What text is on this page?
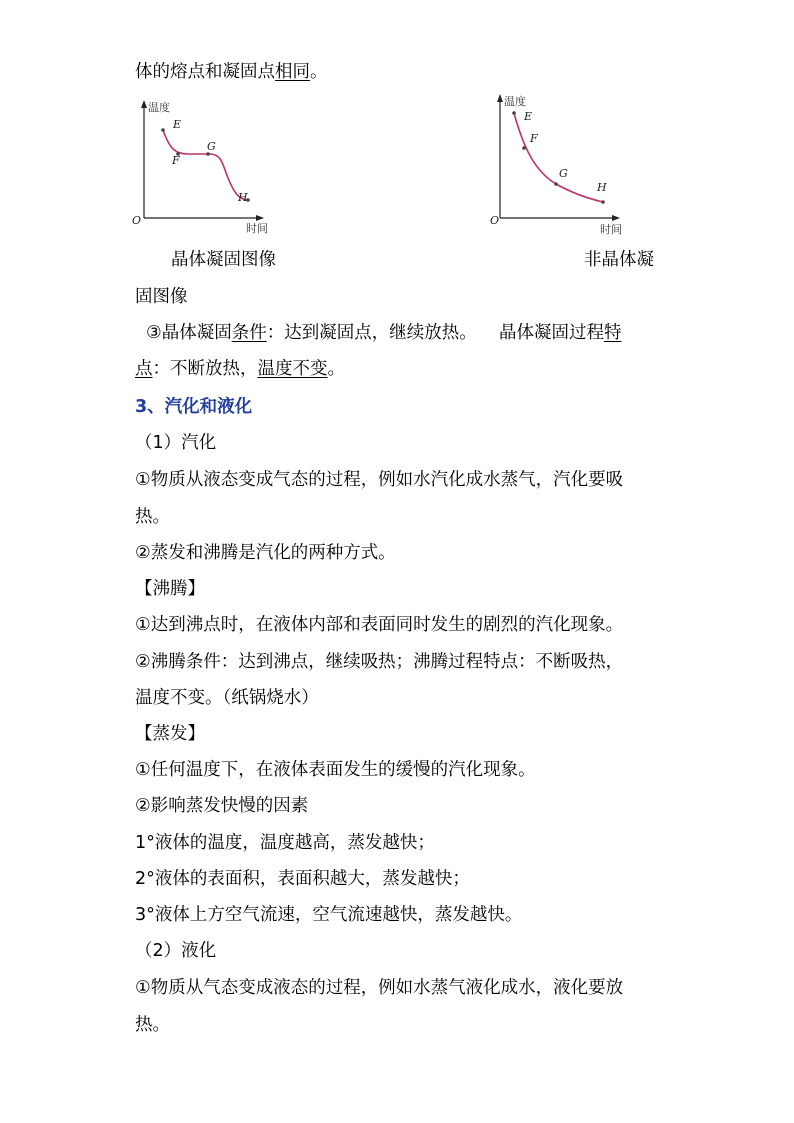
体的熔点和凝固点相同。
温度
时间
O
E
F
G
H
温度
时间
O
E
F
G
H
晶体凝固图像	非晶体凝
固图像
③晶体凝固条件：达到凝固点，继续放热。    晶体凝固过程特
点：不断放热，温度不变。
3、汽化和液化
（1）汽化
①物质从液态变成气态的过程，例如水汽化成水蒸气，汽化要吸
热。
②蒸发和沸腾是汽化的两种方式。
【沸腾】
①达到沸点时，在液体内部和表面同时发生的剧烈的汽化现象。
②沸腾条件：达到沸点，继续吸热；沸腾过程特点：不断吸热，
温度不变。（纸锅烧水）
【蒸发】
①任何温度下，在液体表面发生的缓慢的汽化现象。
②影响蒸发快慢的因素
1°液体的温度，温度越高，蒸发越快；
2°液体的表面积，表面积越大，蒸发越快；
3°液体上方空气流速，空气流速越快，蒸发越快。
（2）液化
①物质从气态变成液态的过程，例如水蒸气液化成水，液化要放
热。
